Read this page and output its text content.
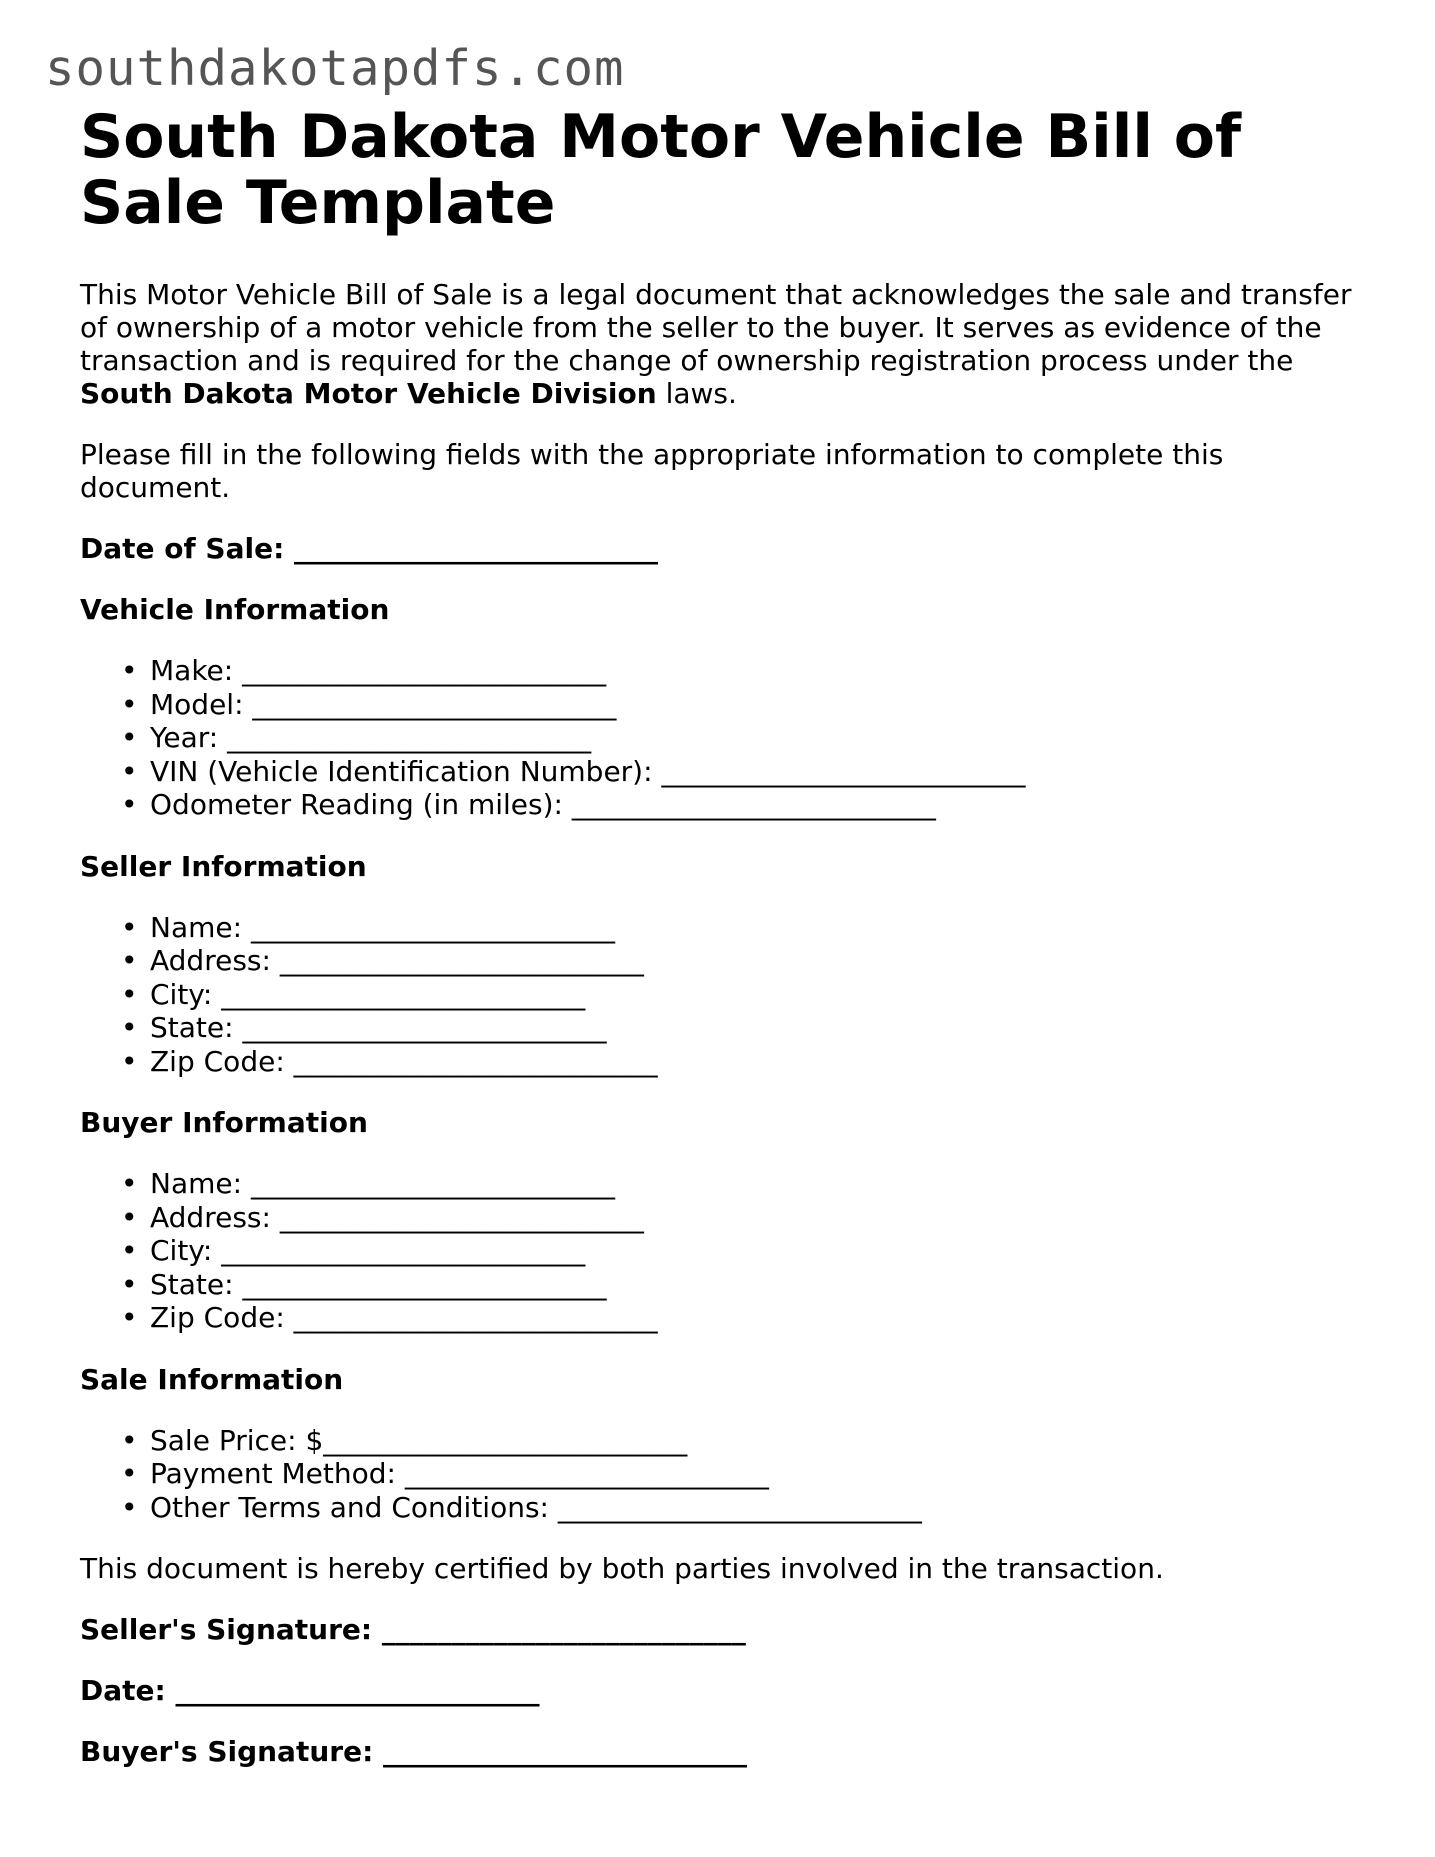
southdakotapdfs.com
South Dakota Motor Vehicle Bill of Sale Template

This Motor Vehicle Bill of Sale is a legal document that acknowledges the sale and transfer of ownership of a motor vehicle from the seller to the buyer. It serves as evidence of the transaction and is required for the change of ownership registration process under the South Dakota Motor Vehicle Division laws.

Please fill in the following fields with the appropriate information to complete this document.

Date of Sale: __________________________
Vehicle Information
• Make: __________________________
• Model: __________________________
• Year: __________________________
• VIN (Vehicle Identification Number): __________________________
• Odometer Reading (in miles): __________________________
Seller Information
• Name: __________________________
• Address: __________________________
• City: __________________________
• State: __________________________
• Zip Code: __________________________
Buyer Information
• Name: __________________________
• Address: __________________________
• City: __________________________
• State: __________________________
• Zip Code: __________________________
Sale Information
• Sale Price: $__________________________
• Payment Method: __________________________
• Other Terms and Conditions: __________________________

This document is hereby certified by both parties involved in the transaction.

Seller's Signature: __________________________
Date: __________________________
Buyer's Signature: __________________________
